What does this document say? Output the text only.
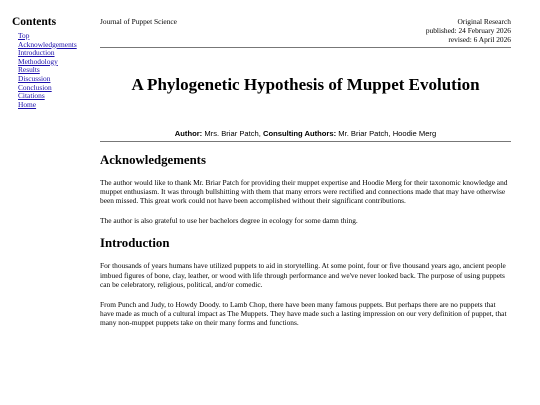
Contents
Top
Acknowledgements
Introduction
Methodology
Results
Discussion
Conclusion
Citations
Home
Journal of Puppet Science	Original Research
published: 24 February 2026
revised: 6 April 2026
A Phylogenetic Hypothesis of Muppet Evolution
Author: Mrs. Briar Patch, Consulting Authors: Mr. Briar Patch, Hoodie Merg
Acknowledgements

The author would like to thank Mr. Briar Patch for providing their muppet expertise and Hoodie Merg for their taxonomic knowledge and muppet enthusiasm. It was through bullshitting with them that many errors were rectified and connections made that may have otherwise been missed. This great work could not have been accomplished without their significant contributions.

The author is also grateful to use her bachelors degree in ecology for some damn thing.

Introduction

For thousands of years humans have utilized puppets to aid in storytelling. At some point, four or five thousand years ago, ancient people imbued figures of bone, clay, leather, or wood with life through performance and we've never looked back. The purpose of using puppets can be celebratory, religious, political, and/or comedic.

From Punch and Judy, to Howdy Doody. to Lamb Chop, there have been many famous puppets. But perhaps there are no puppets that have made as much of a cultural impact as The Muppets. They have made such a lasting impression on our very definition of puppet, that many non-muppet puppets take on their many forms and functions.
